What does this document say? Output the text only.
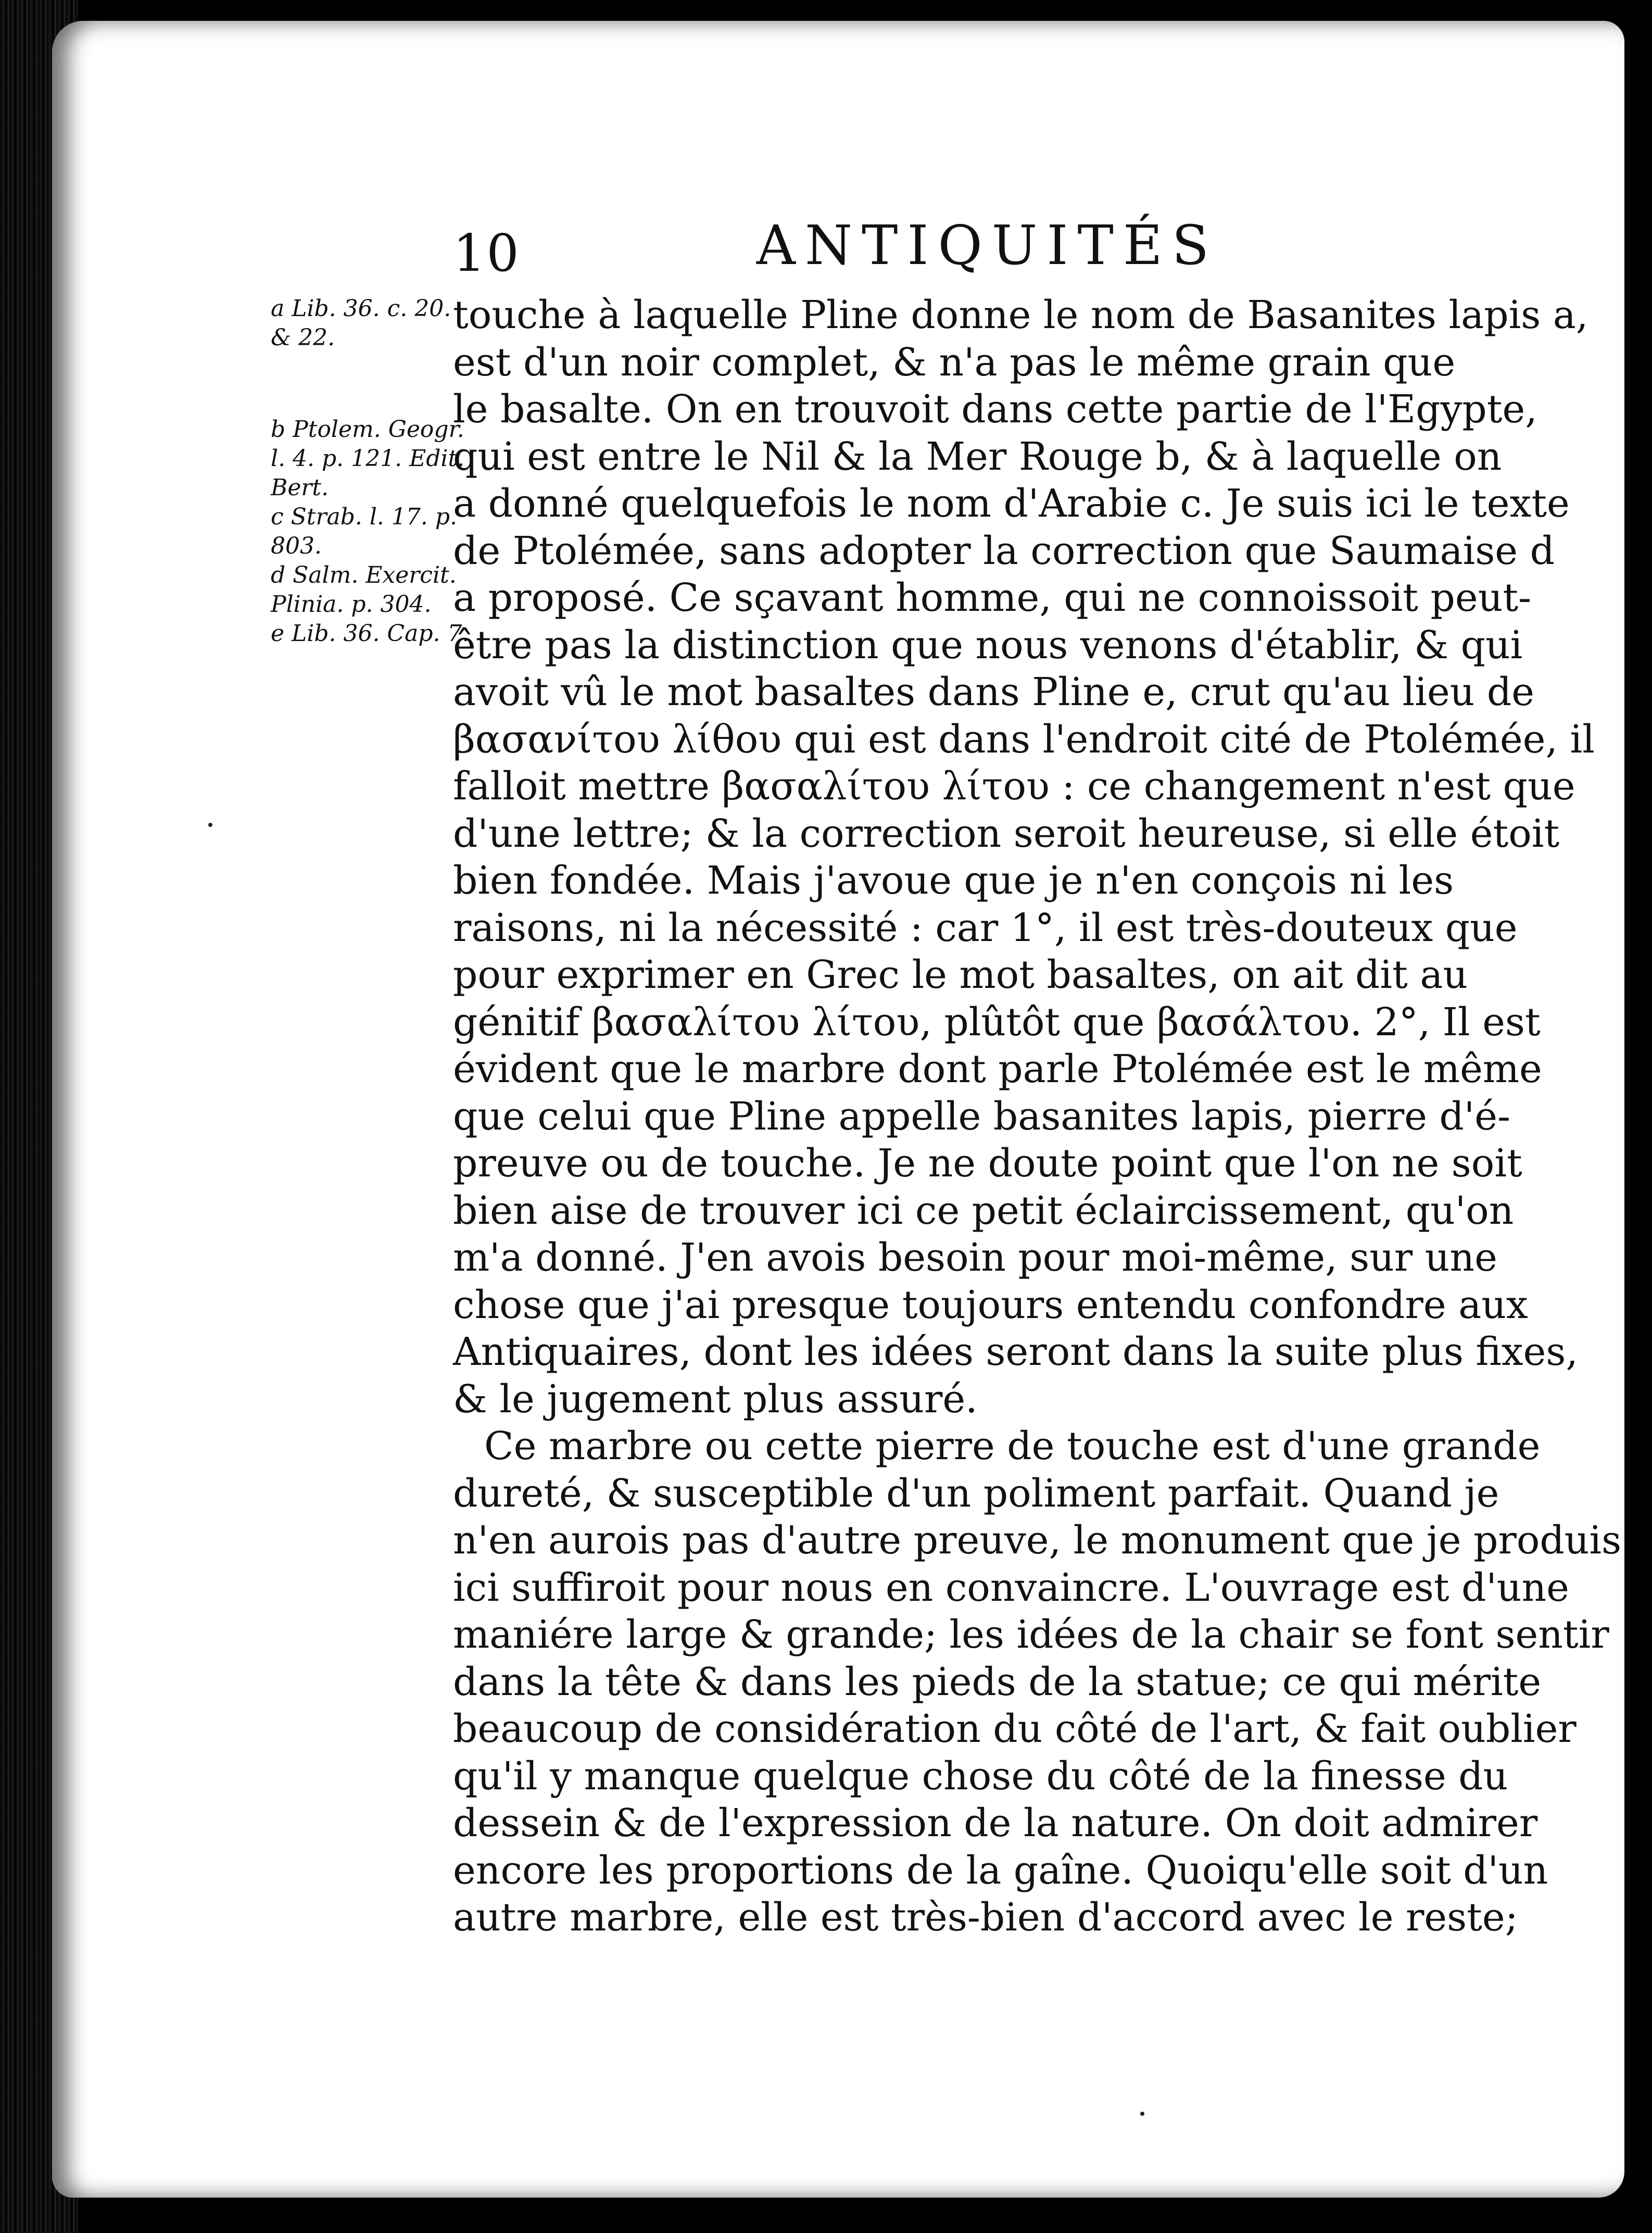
10	ANTIQUITÉS
a Lib. 36. c. 20.
& 22.
b Ptolem. Geogr.
l. 4. p. 121. Edit.
Bert.
c Strab. l. 17. p.
803.
d Salm. Exercit.
Plinia. p. 304.
e Lib. 36. Cap. 7.
touche à laquelle Pline donne le nom de Basanites lapis a,
est d'un noir complet, & n'a pas le même grain que
le basalte. On en trouvoit dans cette partie de l'Egypte,
qui est entre le Nil & la Mer Rouge b, & à laquelle on
a donné quelquefois le nom d'Arabie c. Je suis ici le texte
de Ptolémée, sans adopter la correction que Saumaise d
a proposé. Ce sçavant homme, qui ne connoissoit peut-
être pas la distinction que nous venons d'établir, & qui
avoit vû le mot basaltes dans Pline e, crut qu'au lieu de
βασανίτου λίθου qui est dans l'endroit cité de Ptolémée, il
falloit mettre βασαλίτου λίτου : ce changement n'est que
d'une lettre; & la correction seroit heureuse, si elle étoit
bien fondée. Mais j'avoue que je n'en conçois ni les
raisons, ni la nécessité : car 1°, il est très-douteux que
pour exprimer en Grec le mot basaltes, on ait dit au
génitif βασαλίτου λίτου, plûtôt que βασάλτου. 2°, Il est
évident que le marbre dont parle Ptolémée est le même
que celui que Pline appelle basanites lapis, pierre d'é-
preuve ou de touche. Je ne doute point que l'on ne soit
bien aise de trouver ici ce petit éclaircissement, qu'on
m'a donné. J'en avois besoin pour moi-même, sur une
chose que j'ai presque toujours entendu confondre aux
Antiquaires, dont les idées seront dans la suite plus fixes,
& le jugement plus assuré.
Ce marbre ou cette pierre de touche est d'une grande
dureté, & susceptible d'un poliment parfait. Quand je
n'en aurois pas d'autre preuve, le monument que je produis
ici suffiroit pour nous en convaincre. L'ouvrage est d'une
maniére large & grande; les idées de la chair se font sentir
dans la tête & dans les pieds de la statue; ce qui mérite
beaucoup de considération du côté de l'art, & fait oublier
qu'il y manque quelque chose du côté de la finesse du
dessein & de l'expression de la nature. On doit admirer
encore les proportions de la gaîne. Quoiqu'elle soit d'un
autre marbre, elle est très-bien d'accord avec le reste;
